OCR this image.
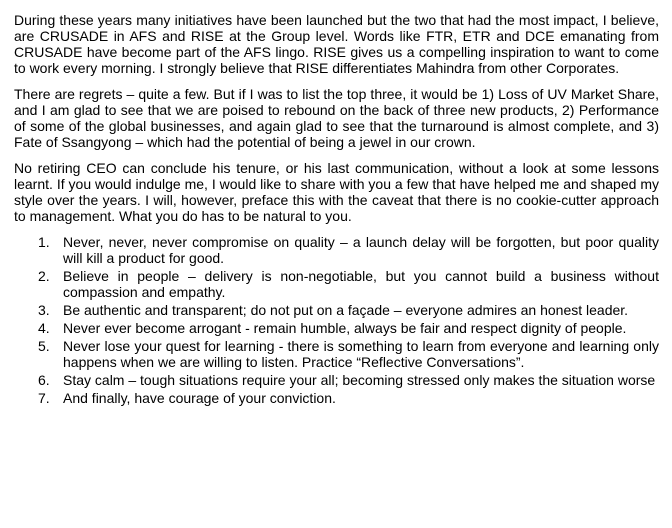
During these years many initiatives have been launched but the two that had the most impact, I believe, are CRUSADE in AFS and RISE at the Group level. Words like FTR, ETR and DCE emanating from CRUSADE have become part of the AFS lingo. RISE gives us a compelling inspiration to want to come to work every morning. I strongly believe that RISE differentiates Mahindra from other Corporates.

There are regrets – quite a few. But if I was to list the top three, it would be 1) Loss of UV Market Share, and I am glad to see that we are poised to rebound on the back of three new products, 2) Performance of some of the global businesses, and again glad to see that the turnaround is almost complete, and 3) Fate of Ssangyong – which had the potential of being a jewel in our crown.

No retiring CEO can conclude his tenure, or his last communication, without a look at some lessons learnt. If you would indulge me, I would like to share with you a few that have helped me and shaped my style over the years. I will, however, preface this with the caveat that there is no cookie-cutter approach to management. What you do has to be natural to you.

1. Never, never, never compromise on quality – a launch delay will be forgotten, but poor quality will kill a product for good.
2. Believe in people – delivery is non-negotiable, but you cannot build a business without compassion and empathy.
3. Be authentic and transparent; do not put on a façade – everyone admires an honest leader.
4. Never ever become arrogant - remain humble, always be fair and respect dignity of people.
5. Never lose your quest for learning - there is something to learn from everyone and learning only happens when we are willing to listen. Practice “Reflective Conversations”.
6. Stay calm – tough situations require your all; becoming stressed only makes the situation worse
7. And finally, have courage of your conviction.
